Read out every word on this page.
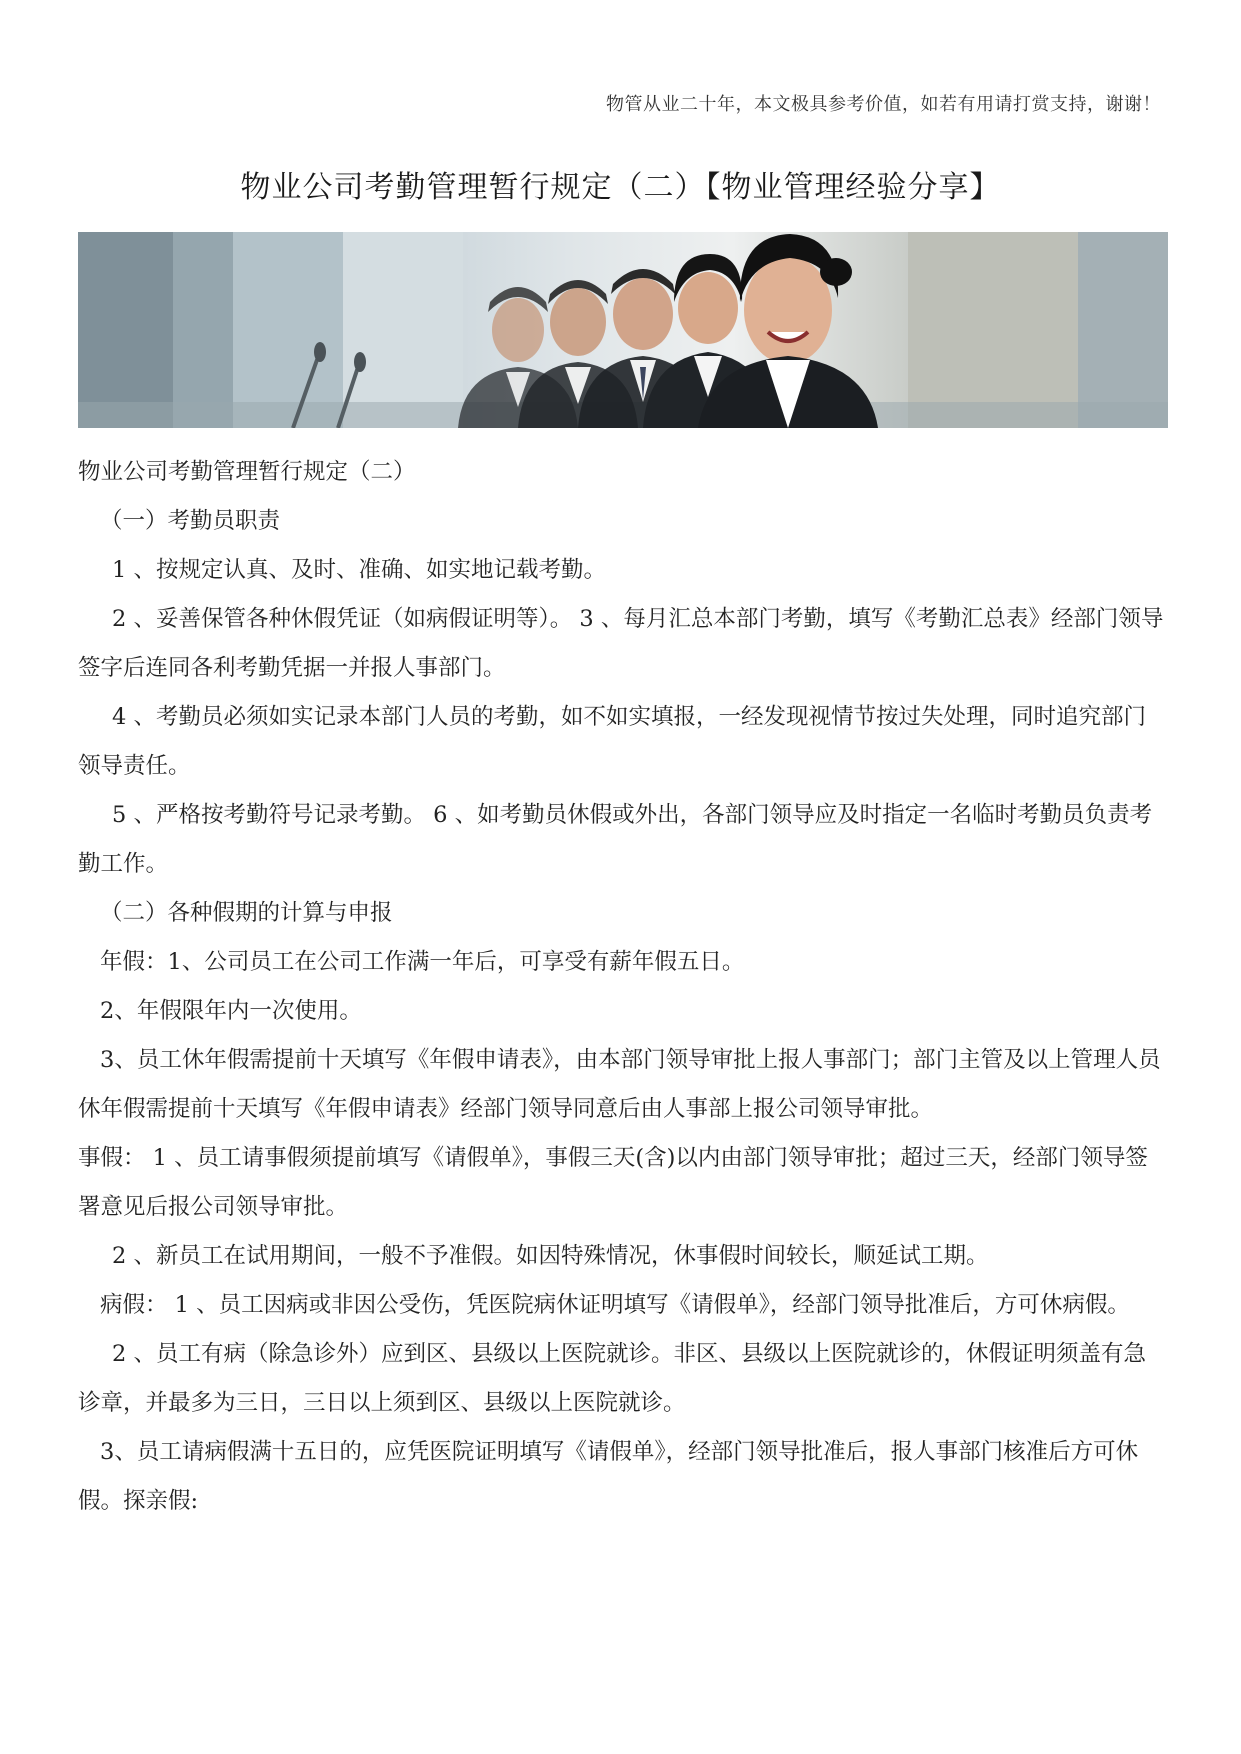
物管从业二十年，本文极具参考价值，如若有用请打赏支持，谢谢！
物业公司考勤管理暂行规定（二）【物业管理经验分享】

物业公司考勤管理暂行规定（二）

（一）考勤员职责

1 、按规定认真、及时、准确、如实地记载考勤。

2 、妥善保管各种休假凭证（如病假证明等）。 3 、每月汇总本部门考勤，填写《考勤汇总表》经部门领导签字后连同各利考勤凭据一并报人事部门。

4 、考勤员必须如实记录本部门人员的考勤，如不如实填报，一经发现视情节按过失处理，同时追究部门领导责任。

5 、严格按考勤符号记录考勤。 6 、如考勤员休假或外出，各部门领导应及时指定一名临时考勤员负责考勤工作。

（二）各种假期的计算与申报

年假：1、公司员工在公司工作满一年后，可享受有薪年假五日。

2、年假限年内一次使用。

3、员工休年假需提前十天填写《年假申请表》，由本部门领导审批上报人事部门；部门主管及以上管理人员休年假需提前十天填写《年假申请表》经部门领导同意后由人事部上报公司领导审批。

事假： 1 、员工请事假须提前填写《请假单》，事假三天(含)以内由部门领导审批；超过三天，经部门领导签署意见后报公司领导审批。

2 、新员工在试用期间，一般不予准假。如因特殊情况，休事假时间较长，顺延试工期。

病假： 1 、员工因病或非因公受伤，凭医院病休证明填写《请假单》，经部门领导批准后，方可休病假。

2 、员工有病（除急诊外）应到区、县级以上医院就诊。非区、县级以上医院就诊的，休假证明须盖有急诊章，并最多为三日，三日以上须到区、县级以上医院就诊。

3、员工请病假满十五日的，应凭医院证明填写《请假单》，经部门领导批准后，报人事部门核准后方可休假。探亲假:
